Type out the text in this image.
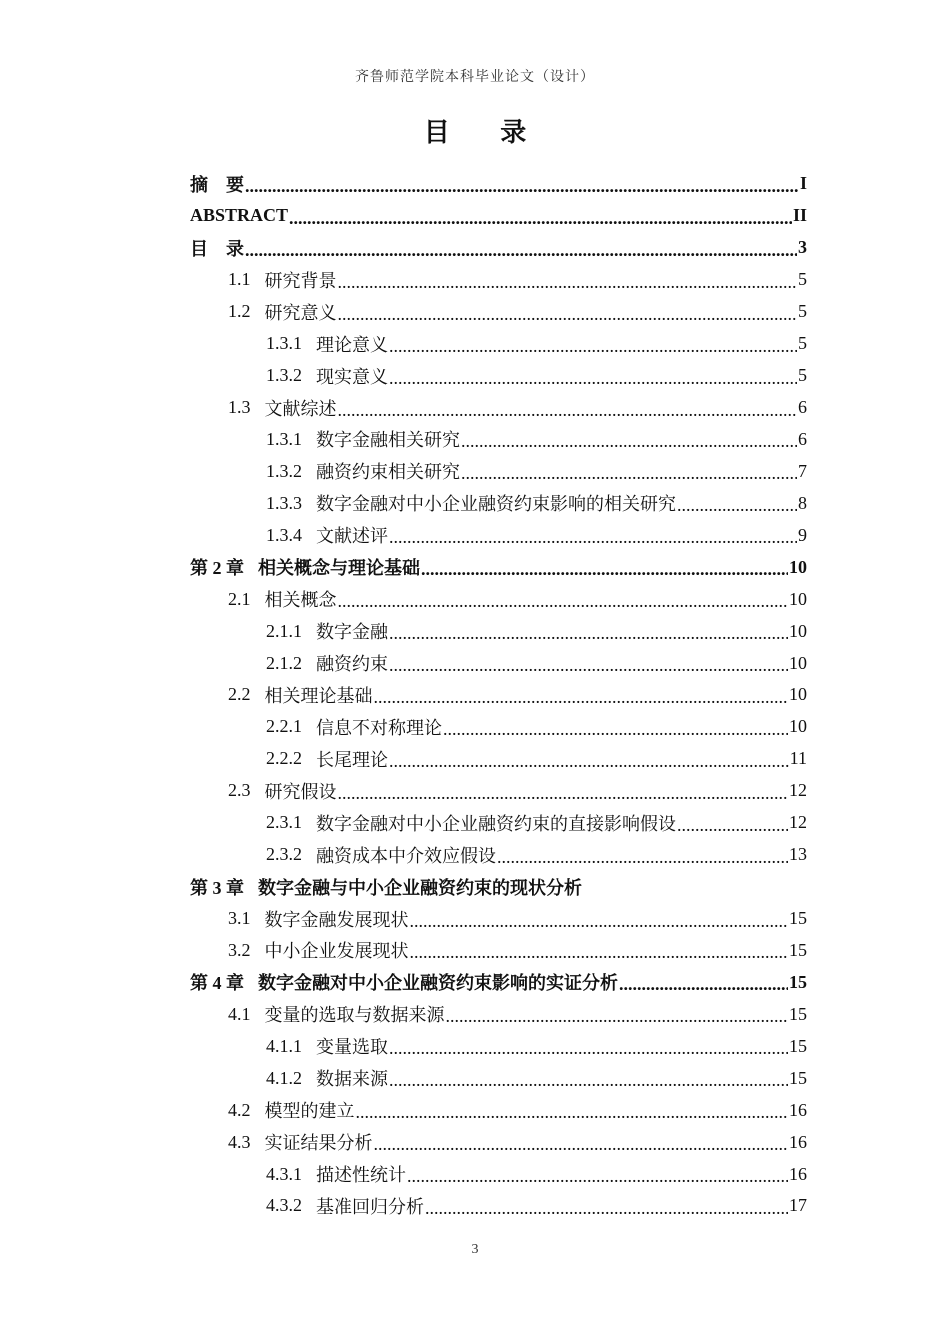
齐鲁师范学院本科毕业论文（设计）
目 录
摘　要 .....	I
ABSTRACT .....	II
目　录 .....	3
1.1 研究背景 .....	5
1.2 研究意义 .....	5
1.3.1 理论意义 .....	5
1.3.2 现实意义 .....	5
1.3 文献综述 .....	6
1.3.1 数字金融相关研究 .....	6
1.3.2 融资约束相关研究 .....	7
1.3.3 数字金融对中小企业融资约束影响的相关研究 .....	8
1.3.4 文献述评 .....	9
第 2 章 相关概念与理论基础 .....	10
2.1 相关概念 .....	10
2.1.1 数字金融 .....	10
2.1.2 融资约束 .....	10
2.2 相关理论基础 .....	10
2.2.1 信息不对称理论 .....	10
2.2.2 长尾理论 .....	11
2.3 研究假设 .....	12
2.3.1 数字金融对中小企业融资约束的直接影响假设 .....	12
2.3.2 融资成本中介效应假设 .....	13
第 3 章 数字金融与中小企业融资约束的现状分析
3.1 数字金融发展现状 .....	15
3.2 中小企业发展现状 .....	15
第 4 章 数字金融对中小企业融资约束影响的实证分析 .....	15
4.1 变量的选取与数据来源 .....	15
4.1.1 变量选取 .....	15
4.1.2 数据来源 .....	15
4.2 模型的建立 .....	16
4.3 实证结果分析 .....	16
4.3.1 描述性统计 .....	16
4.3.2 基准回归分析 .....	17
3
